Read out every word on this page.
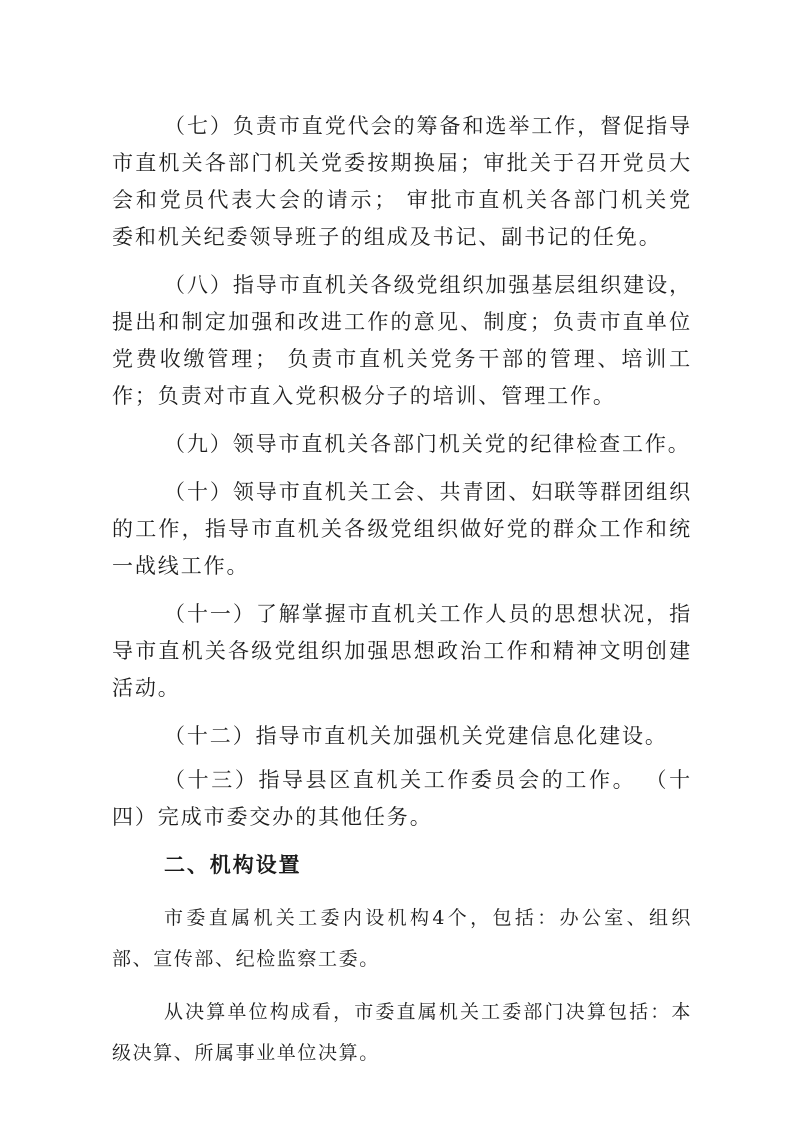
（七）负责市直党代会的筹备和选举工作，督促指导市直机关各部门机关党委按期换届；审批关于召开党员大会和党员代表大会的请示； 审批市直机关各部门机关党委和机关纪委领导班子的组成及书记、副书记的任免。

（八）指导市直机关各级党组织加强基层组织建设，提出和制定加强和改进工作的意见、制度；负责市直单位党费收缴管理； 负责市直机关党务干部的管理、培训工作；负责对市直入党积极分子的培训、管理工作。

（九）领导市直机关各部门机关党的纪律检查工作。

（十）领导市直机关工会、共青团、妇联等群团组织的工作，指导市直机关各级党组织做好党的群众工作和统一战线工作。

（十一）了解掌握市直机关工作人员的思想状况，指导市直机关各级党组织加强思想政治工作和精神文明创建活动。

（十二）指导市直机关加强机关党建信息化建设。

（十三）指导县区直机关工作委员会的工作。 （十四）完成市委交办的其他任务。

二、机构设置

市委直属机关工委内设机构4个，包括：办公室、组织部、宣传部、纪检监察工委。

从决算单位构成看，市委直属机关工委部门决算包括：本级决算、所属事业单位决算。
